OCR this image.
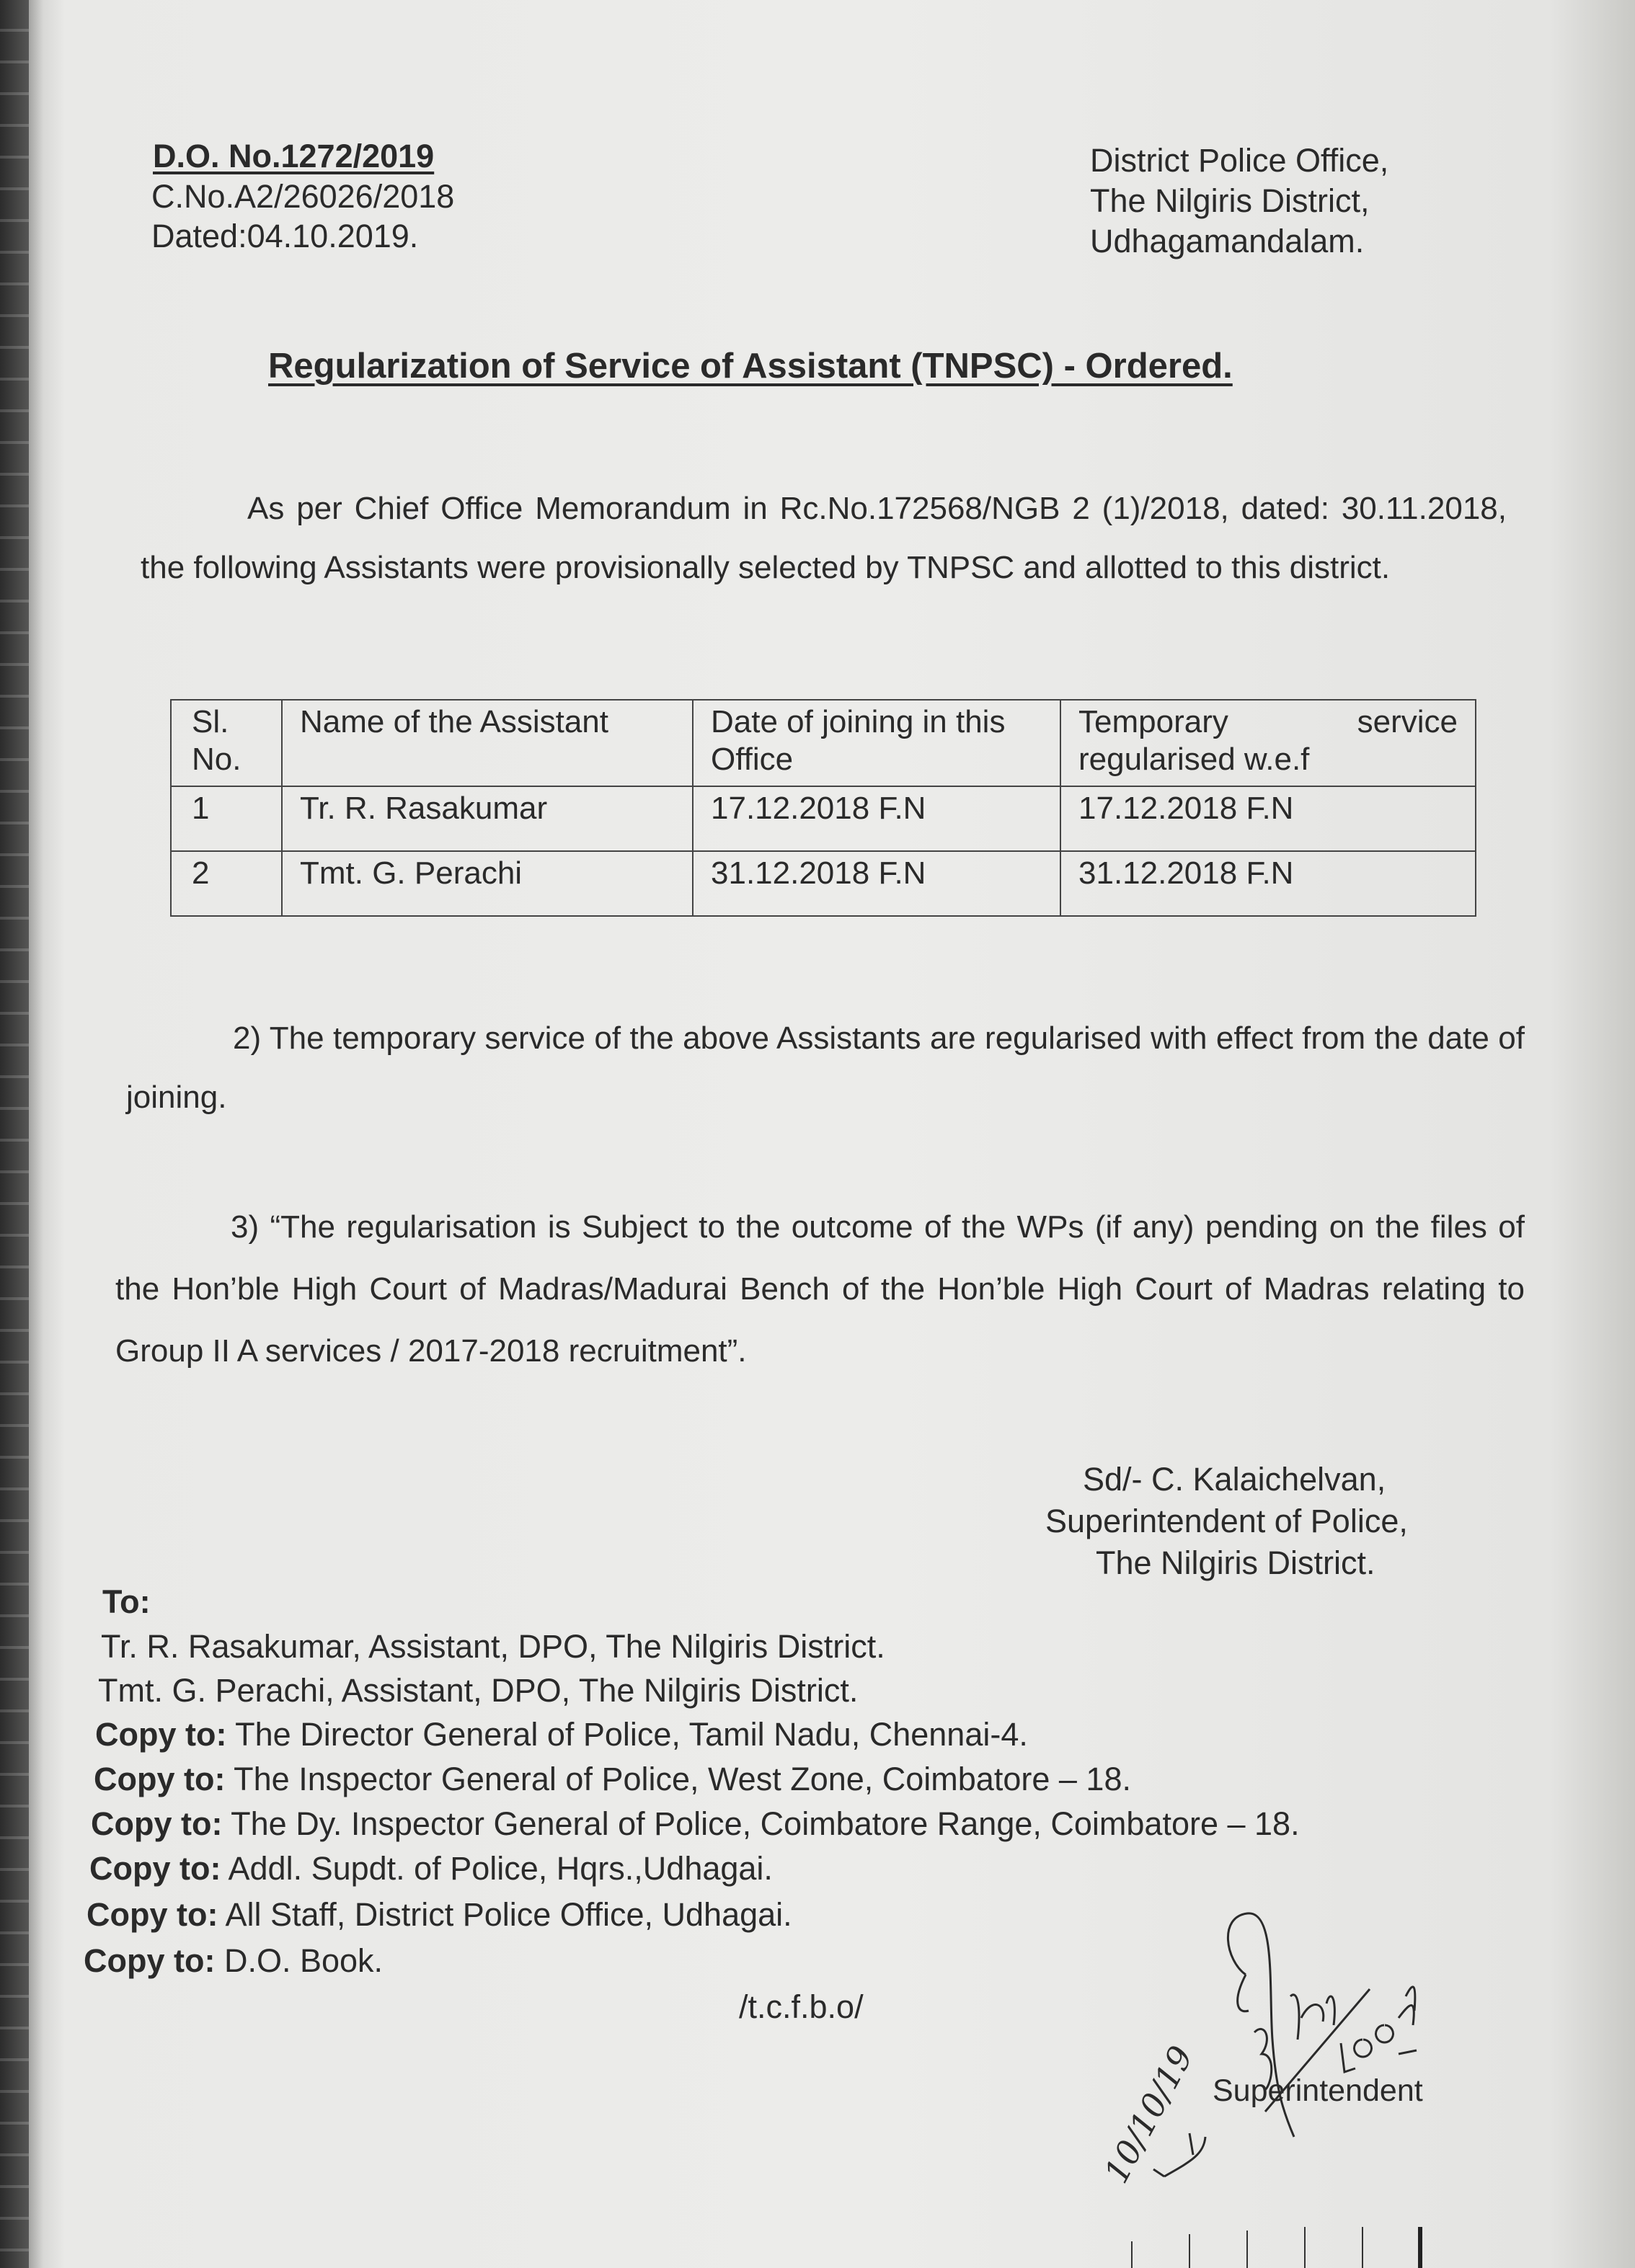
D.O. No.1272/2019
C.No.A2/26026/2018
Dated:04.10.2019.
District Police Office,
The Nilgiris District,
Udhagamandalam.
Regularization of Service of Assistant (TNPSC) - Ordered.
As per Chief Office Memorandum in Rc.No.172568/NGB 2 (1)/2018, dated: 30.11.2018, the following Assistants were provisionally selected by TNPSC and allotted to this district.
Sl. No.	Name of the Assistant	Date of joining in this Office	Temporary service regularised w.e.f
1	Tr. R. Rasakumar	17.12.2018 F.N	17.12.2018 F.N
2	Tmt. G. Perachi	31.12.2018 F.N	31.12.2018 F.N
2) The temporary service of the above Assistants are regularised with effect from the date of joining.
3) “The regularisation is Subject to the outcome of the WPs (if any) pending on the files of the Hon’ble High Court of Madras/Madurai Bench of the Hon’ble High Court of Madras relating to Group II A services / 2017-2018 recruitment”.
Sd/- C. Kalaichelvan,
Superintendent of Police,
The Nilgiris District.
To:
Tr. R. Rasakumar, Assistant, DPO, The Nilgiris District.
Tmt. G. Perachi, Assistant, DPO, The Nilgiris District.
Copy to: The Director General of Police, Tamil Nadu, Chennai-4.
Copy to: The Inspector General of Police, West Zone, Coimbatore – 18.
Copy to: The Dy. Inspector General of Police, Coimbatore Range, Coimbatore – 18.
Copy to: Addl. Supdt. of Police, Hqrs.,Udhagai.
Copy to: All Staff, District Police Office, Udhagai.
Copy to: D.O. Book.
/t.c.f.b.o/
Superintendent
10/10/19
